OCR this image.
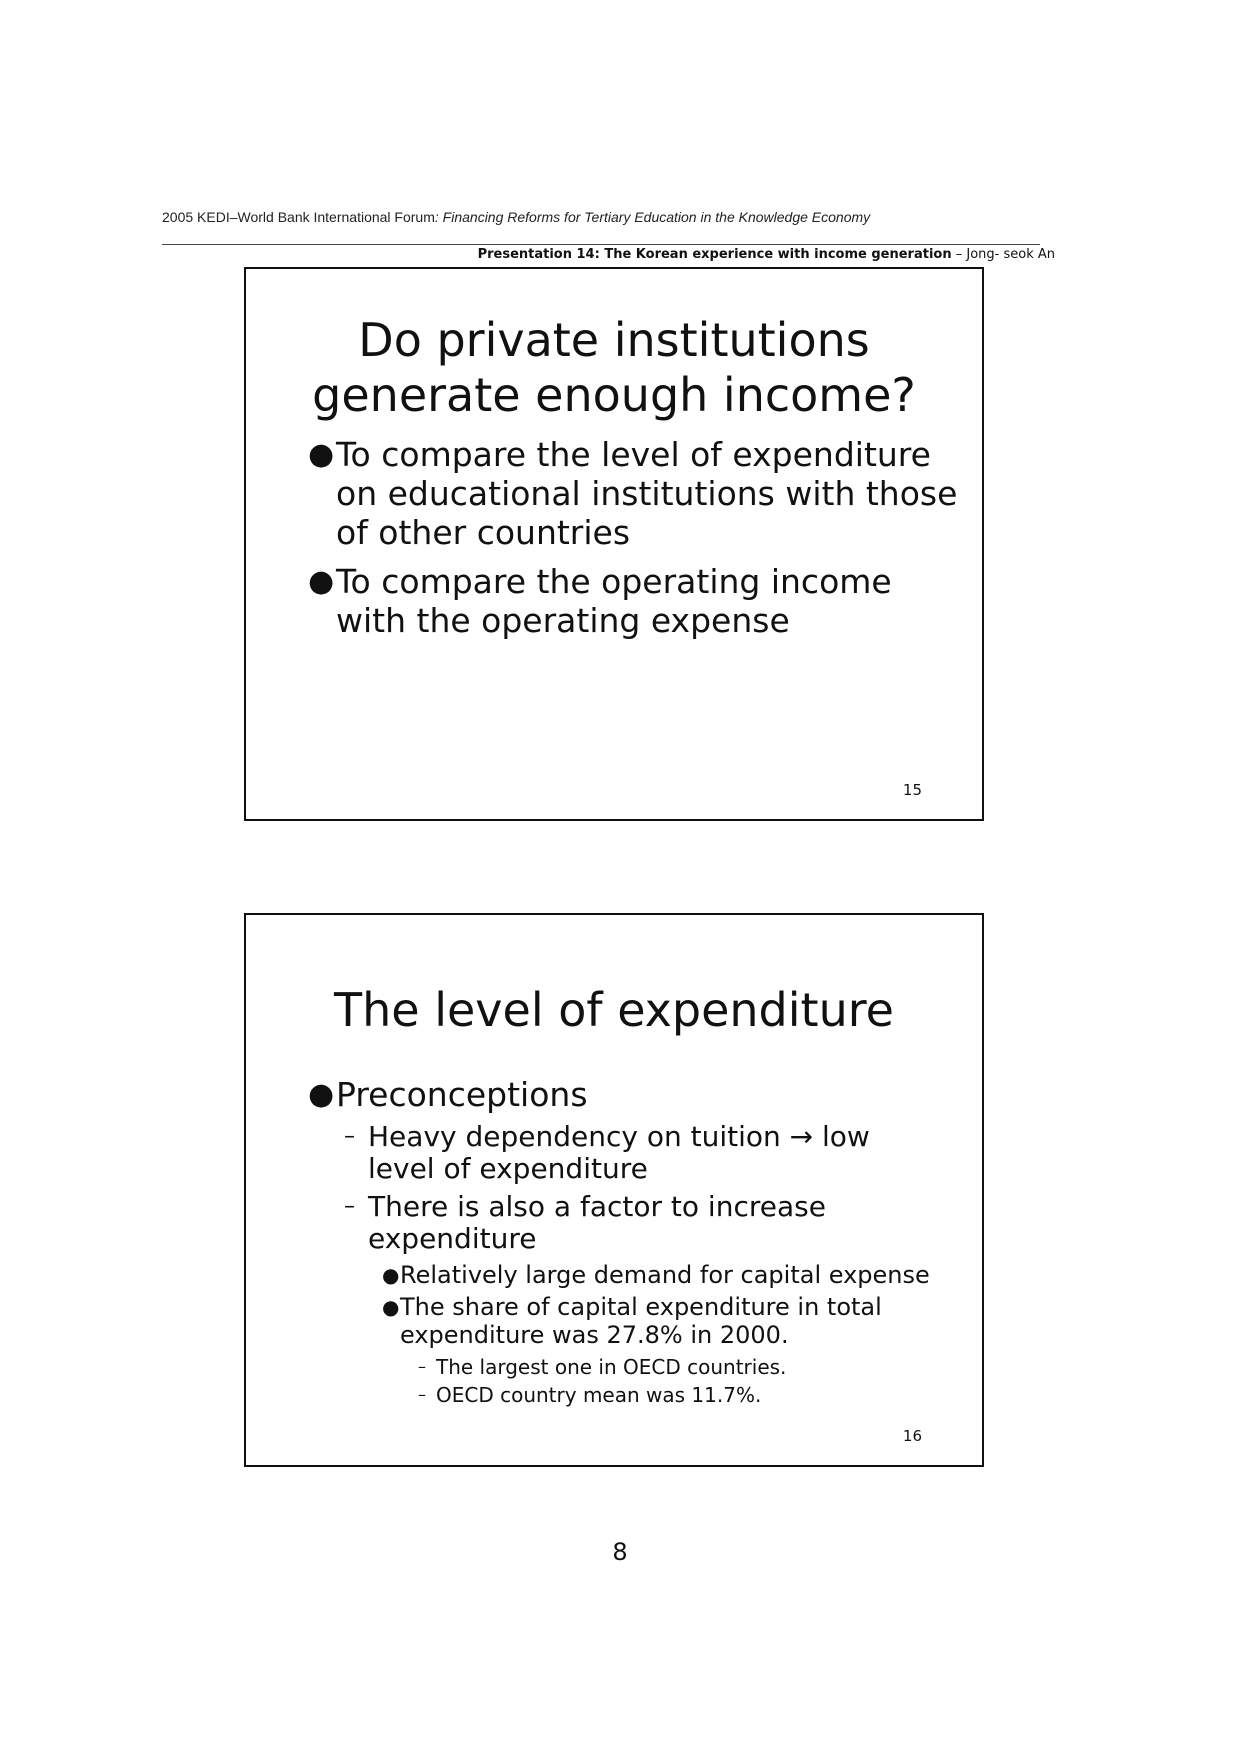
2005 KEDI–World Bank International Forum: Financing Reforms for Tertiary Education in the Knowledge Economy
Presentation 14: The Korean experience with income generation – Jong- seok An
Do private institutions
generate enough income?
● To compare the level of expenditure
on educational institutions with those
of other countries
● To compare the operating income
with the operating expense
15
The level of expenditure
● Preconceptions
– Heavy dependency on tuition → low
level of expenditure
– There is also a factor to increase
expenditure
● Relatively large demand for capital expense
● The share of capital expenditure in total
expenditure was 27.8% in 2000.
– The largest one in OECD countries.
– OECD country mean was 11.7%.
16
8
